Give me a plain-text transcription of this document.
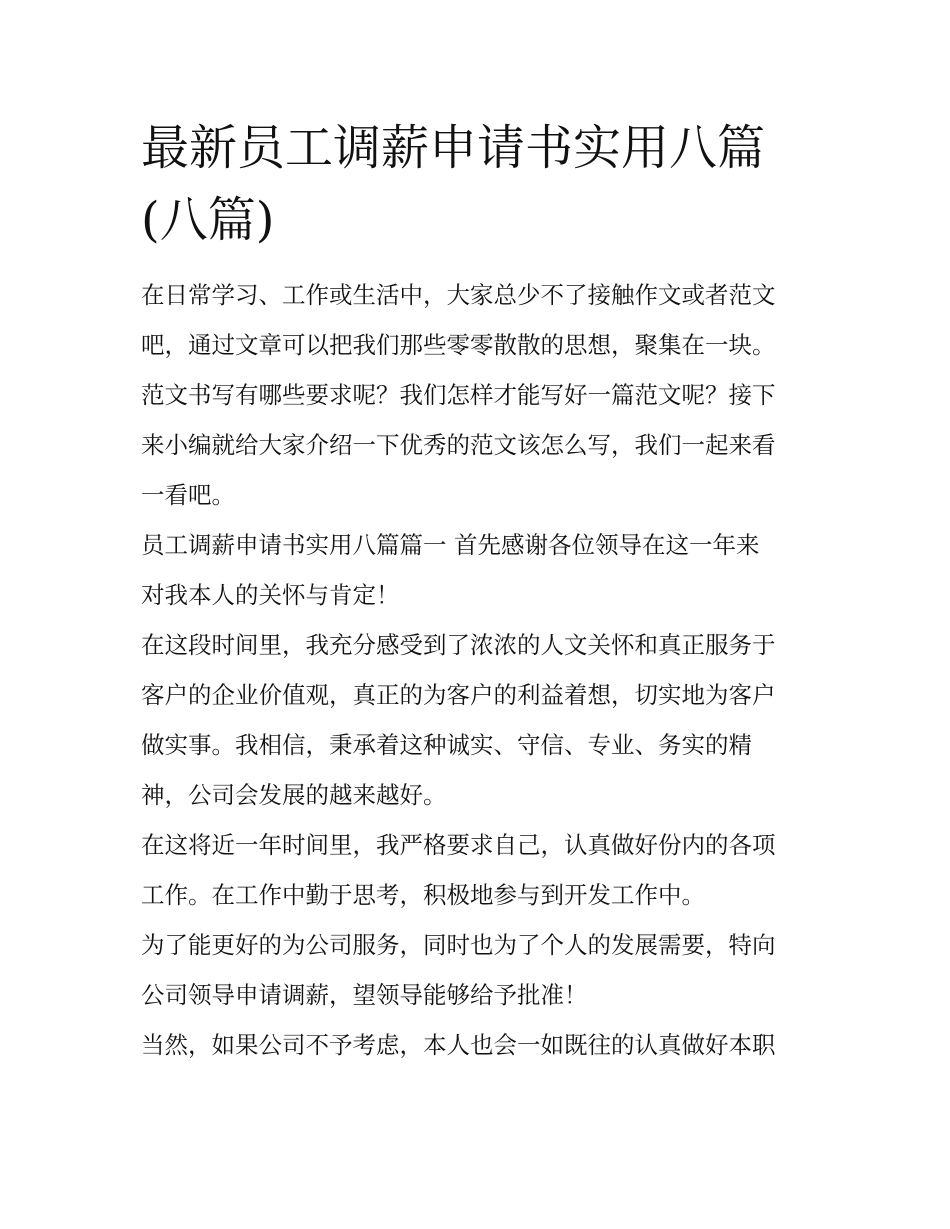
最新员工调薪申请书实用八篇
(八篇)

在日常学习、工作或生活中，大家总少不了接触作文或者范文
吧，通过文章可以把我们那些零零散散的思想，聚集在一块。
范文书写有哪些要求呢？我们怎样才能写好一篇范文呢？接下
来小编就给大家介绍一下优秀的范文该怎么写，我们一起来看
一看吧。

员工调薪申请书实用八篇篇一 首先感谢各位领导在这一年来
对我本人的关怀与肯定！

在这段时间里，我充分感受到了浓浓的人文关怀和真正服务于
客户的企业价值观，真正的为客户的利益着想，切实地为客户
做实事。我相信，秉承着这种诚实、守信、专业、务实的精
神，公司会发展的越来越好。

在这将近一年时间里，我严格要求自己，认真做好份内的各项
工作。在工作中勤于思考，积极地参与到开发工作中。

为了能更好的为公司服务，同时也为了个人的发展需要，特向
公司领导申请调薪，望领导能够给予批准！

当然，如果公司不予考虑，本人也会一如既往的认真做好本职
